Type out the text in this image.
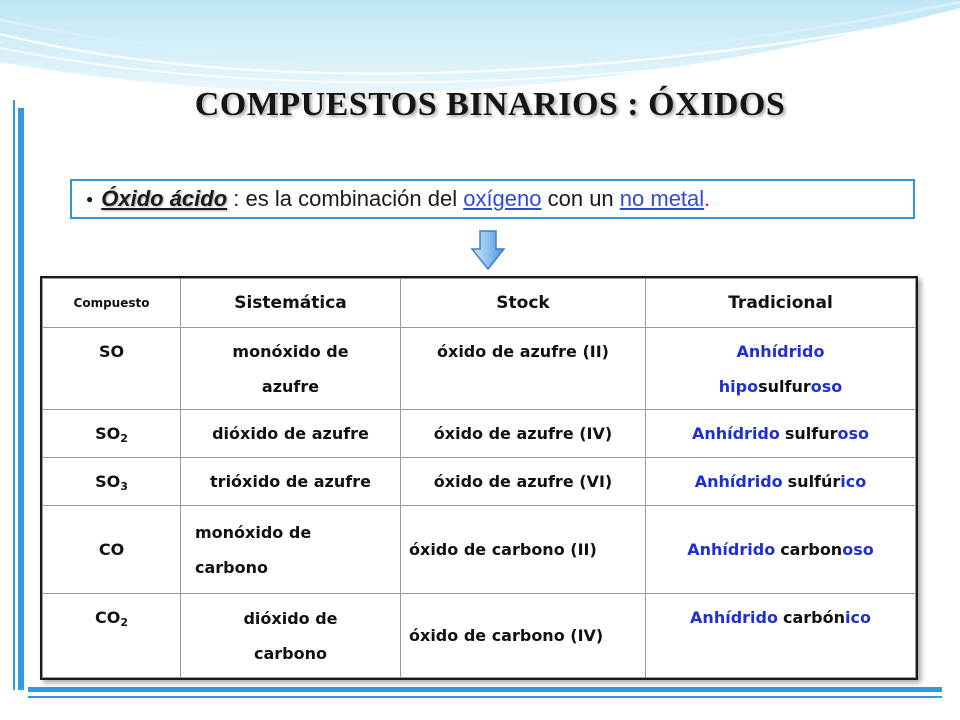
COMPUESTOS BINARIOS : ÓXIDOS
● Óxido ácido : es la combinación del oxígeno con un no metal .
Compuesto	Sistemática	Stock	Tradicional
SO	monóxido de azufre	óxido de azufre (II)	Anhídrido hiposulfuroso
$SO_2$	dióxido de azufre	óxido de azufre (IV)	Anhídrido sulfuroso
$SO_3$	trióxido de azufre	óxido de azufre (VI)	Anhídrido sulfúrico
CO	monóxido de carbono	óxido de carbono (II)	Anhídrido carbonoso
$CO_2$	dióxido de carbono	óxido de carbono (IV)	Anhídrido carbónico
